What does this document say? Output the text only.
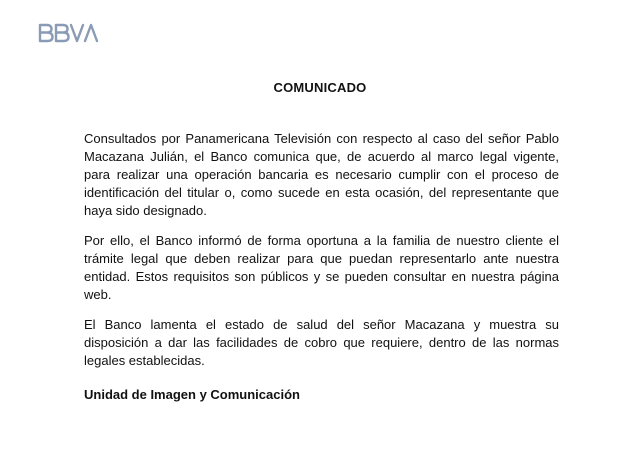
COMUNICADO

Consultados por Panamericana Televisión con respecto al caso del señor Pablo Macazana Julián, el Banco comunica que, de acuerdo al marco legal vigente, para realizar una operación bancaria es necesario cumplir con el proceso de identificación del titular o, como sucede en esta ocasión, del representante que haya sido designado.

Por ello, el Banco informó de forma oportuna a la familia de nuestro cliente el trámite legal que deben realizar para que puedan representarlo ante nuestra entidad. Estos requisitos son públicos y se pueden consultar en nuestra página web.

El Banco lamenta el estado de salud del señor Macazana y muestra su disposición a dar las facilidades de cobro que requiere, dentro de las normas legales establecidas.

Unidad de Imagen y Comunicación
